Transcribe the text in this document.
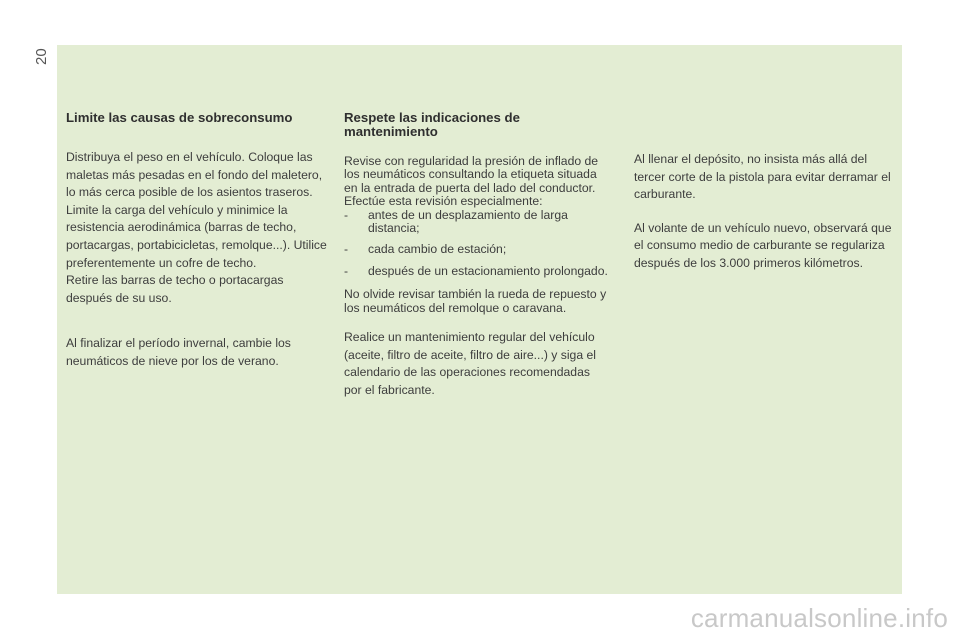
20
Limite las causas de sobreconsumo

Distribuya el peso en el vehículo. Coloque las maletas más pesadas en el fondo del maletero, lo más cerca posible de los asientos traseros.

Limite la carga del vehículo y minimice la resistencia aerodinámica (barras de techo, portacargas, portabicicletas, remolque...). Utilice preferentemente un cofre de techo.

Retire las barras de techo o portacargas después de su uso.

Al finalizar el período invernal, cambie los neumáticos de nieve por los de verano.

Respete las indicaciones de mantenimiento

Revise con regularidad la presión de inflado de los neumáticos consultando la etiqueta situada en la entrada de puerta del lado del conductor.

Efectúe esta revisión especialmente:

-	antes de un desplazamiento de larga distancia;
-	cada cambio de estación;
-	después de un estacionamiento prolongado.

No olvide revisar también la rueda de repuesto y los neumáticos del remolque o caravana.

Realice un mantenimiento regular del vehículo (aceite, filtro de aceite, filtro de aire...) y siga el calendario de las operaciones recomendadas por el fabricante.

Al llenar el depósito, no insista más allá del tercer corte de la pistola para evitar derramar el carburante.

Al volante de un vehículo nuevo, observará que el consumo medio de carburante se regulariza después de los 3.000 primeros kilómetros.

carmanualsonline.info
